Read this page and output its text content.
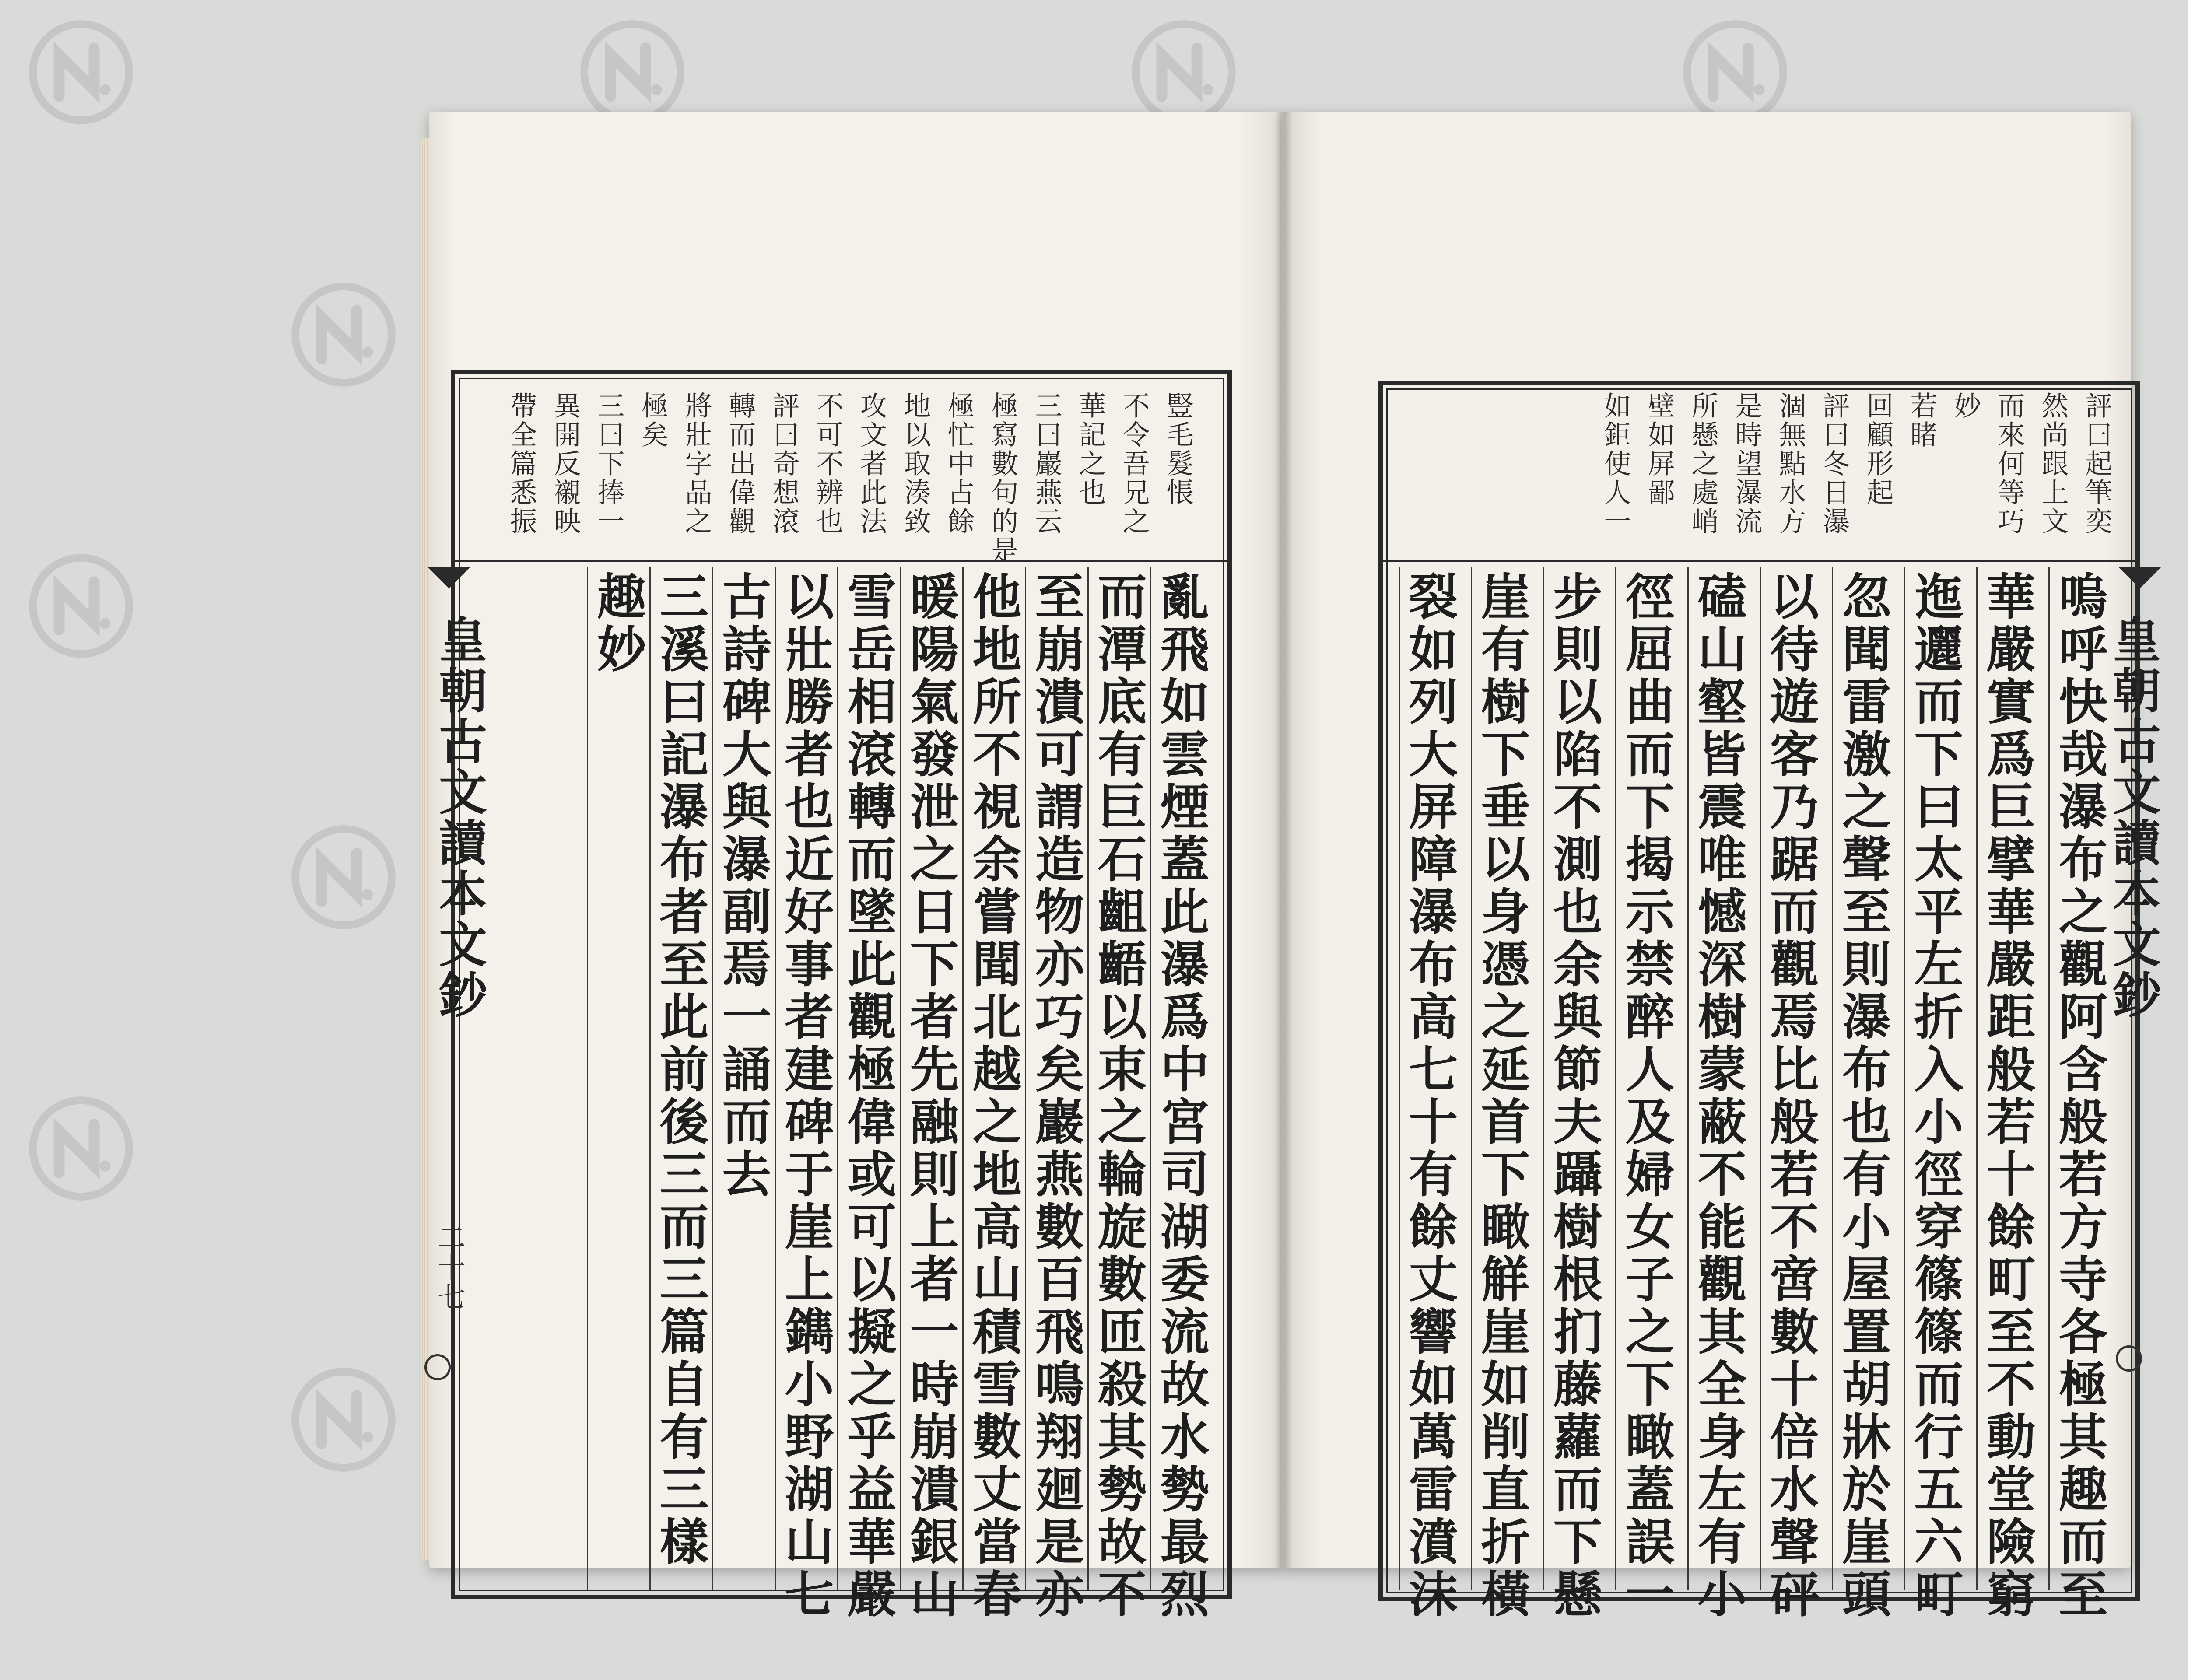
皇朝古文讀本文鈔
二十七
豎毛髮悵
不令吾兄之
華記之也
三曰巖燕云
極寫數句的是
極忙中占餘
地以取湊致
攻文者此法
不可不辨也
評曰奇想滾
轉而出偉觀
將壯字品之
極矣
三曰下捧一
異開反襯映
帶全篇悉振
亂飛如雲煙蓋此瀑爲中宮司湖委流故水勢最烈
而潭底有巨石齟齬以束之輪旋數匝殺其勢故不
至崩潰可謂造物亦巧矣巖燕數百飛鳴翔廻是亦
他地所不視余嘗聞北越之地高山積雪數丈當春
暖陽氣發泄之日下者先融則上者一時崩潰銀山
雪岳相滾轉而墜此觀極偉或可以擬之乎益華嚴
以壯勝者也近好事者建碑于崖上鐫小野湖山七
古詩碑大與瀑副焉一誦而去
三溪曰記瀑布者至此前後三而三篇自有三樣
趣妙	皇朝古文讀本文鈔
評曰起筆奕
然尚跟上文
而來何等巧
妙
若睹
回顧形起
評曰冬日瀑
涸無點水方
是時望瀑流
所懸之處峭
壁如屏鄙
如鉅使人一
嗚呼快哉瀑布之觀阿含般若方寺各極其趣而至
華嚴實爲巨擘華嚴距般若十餘町至不動堂險窮
迤邐而下曰太平左折入小徑穿篠篠而行五六町
忽聞雷激之聲至則瀑布也有小屋置胡牀於崖頭
以待遊客乃踞而觀焉比般若不啻數十倍水聲砰
磕山壑皆震唯憾深樹蒙蔽不能觀其全身左有小
徑屈曲而下揭示禁醉人及婦女子之下瞰蓋誤一
步則以陷不測也余與節夫躡樹根扪藤蘿而下懸
崖有樹下垂以身憑之延首下瞰觧崖如削直折橫
裂如列大屏障瀑布高七十有餘丈響如萬雷濆沫
